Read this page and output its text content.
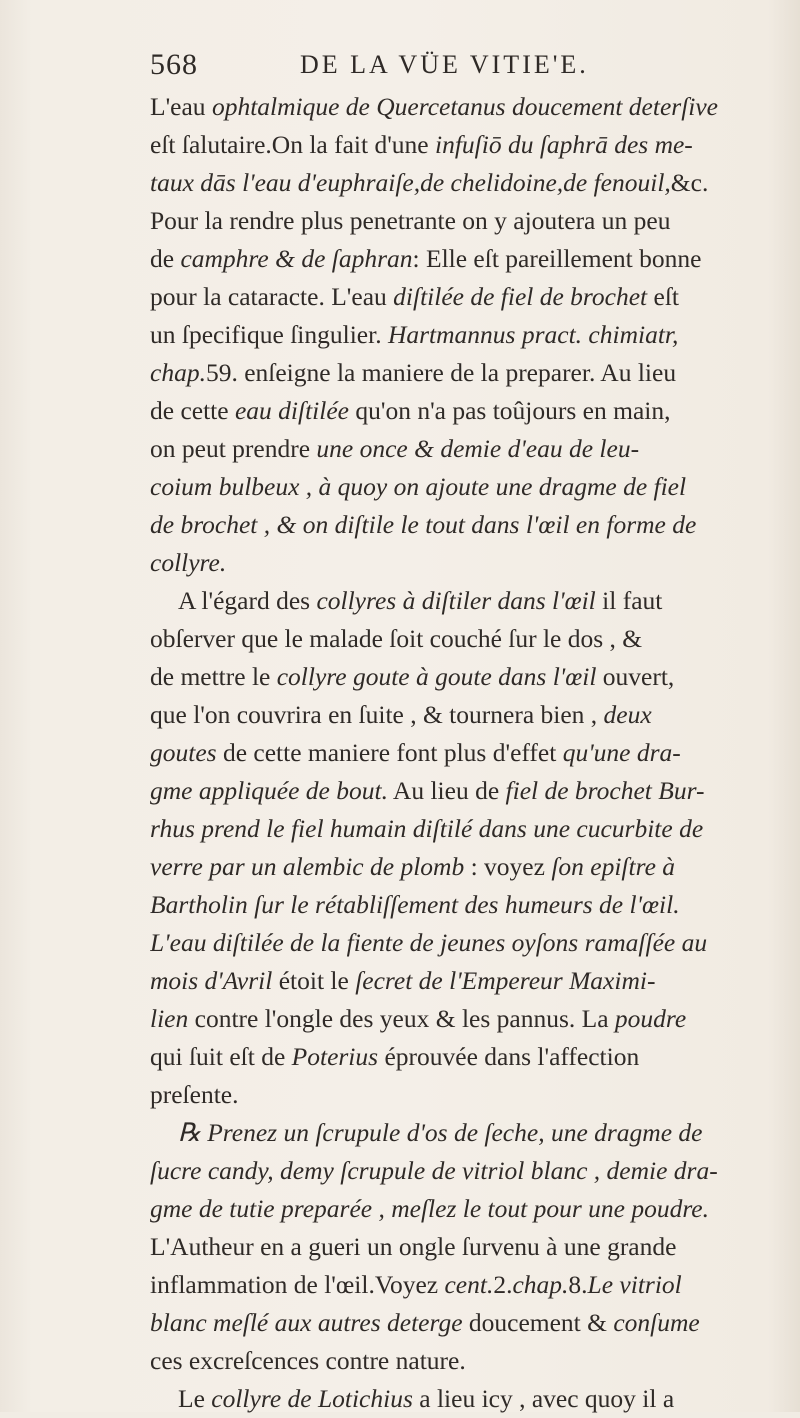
568	DE LA VÜE VITIE'E.
L'eau ophtalmique de Quercetanus doucement deterſive
eſt ſalutaire.On la fait d'une infuſiō du ſaphrā des me-
taux dās l'eau d'euphraiſe,de chelidoine,de fenouil,&c.
Pour la rendre plus penetrante on y ajoutera un peu
de camphre & de ſaphran: Elle eſt pareillement bonne
pour la cataracte. L'eau diſtilée de fiel de brochet eſt
un ſpecifique ſingulier. Hartmannus pract. chimiatr,
chap.59. enſeigne la maniere de la preparer. Au lieu
de cette eau diſtilée qu'on n'a pas toûjours en main,
on peut prendre une once & demie d'eau de leu-
coium bulbeux , à quoy on ajoute une dragme de fiel
de brochet , & on diſtile le tout dans l'œil en forme de
collyre.
A l'égard des collyres à diſtiler dans l'œil il faut
obſerver que le malade ſoit couché ſur le dos , &
de mettre le collyre goute à goute dans l'œil ouvert,
que l'on couvrira en ſuite , & tournera bien , deux
goutes de cette maniere font plus d'effet qu'une dra-
gme appliquée de bout. Au lieu de fiel de brochet Bur-
rhus prend le fiel humain diſtilé dans une cucurbite de
verre par un alembic de plomb : voyez ſon epiſtre à
Bartholin ſur le rétabliſſement des humeurs de l'œil.
L'eau diſtilée de la fiente de jeunes oyſons ramaſſée au
mois d'Avril étoit le ſecret de l'Empereur Maximi-
lien contre l'ongle des yeux & les pannus. La poudre
qui ſuit eſt de Poterius éprouvée dans l'affection
preſente.
℞ Prenez un ſcrupule d'os de ſeche, une dragme de
ſucre candy, demy ſcrupule de vitriol blanc , demie dra-
gme de tutie preparée , meſlez le tout pour une poudre.
L'Autheur en a gueri un ongle ſurvenu à une grande
inflammation de l'œil.Voyez cent.2.chap.8.Le vitriol
blanc meſlé aux autres deterge doucement & conſume
ces excreſcences contre nature.
Le collyre de Lotichius a lieu icy , avec quoy il a
